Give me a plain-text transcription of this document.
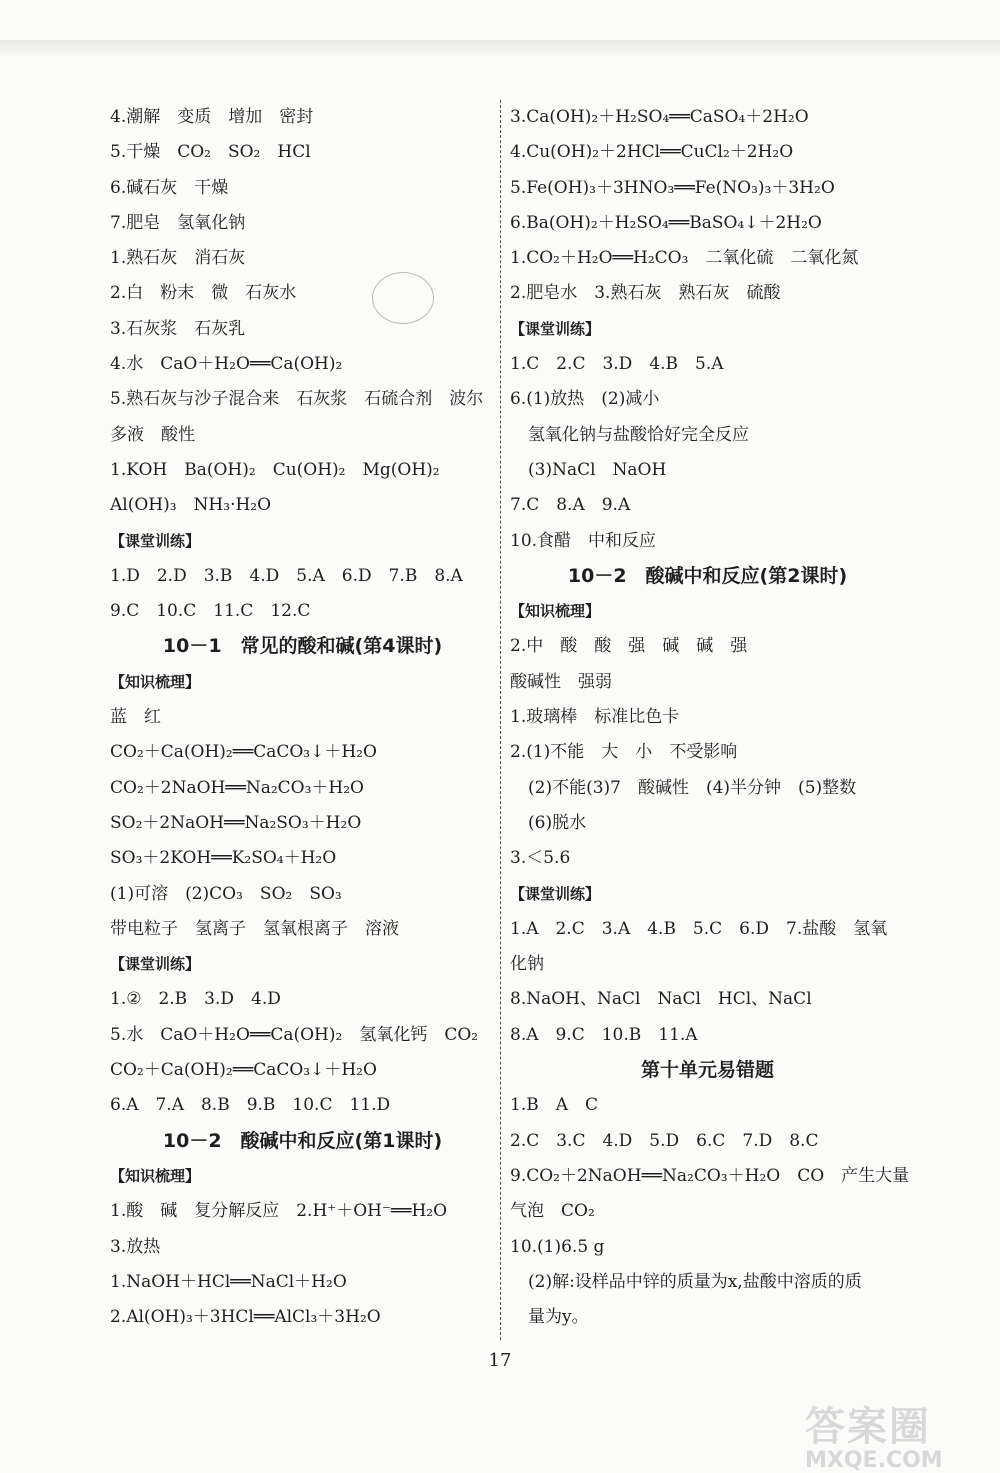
4.潮解　变质　增加　密封
5.干燥　CO₂　SO₂　HCl
6.碱石灰　干燥
7.肥皂　氢氧化钠
1.熟石灰　消石灰
2.白　粉末　微　石灰水
3.石灰浆　石灰乳
4.水　CaO＋H₂O══Ca(OH)₂
5.熟石灰与沙子混合来　石灰浆　石硫合剂　波尔
多液　酸性
1.KOH　Ba(OH)₂　Cu(OH)₂　Mg(OH)₂
Al(OH)₃　NH₃·H₂O
【课堂训练】
1.D　2.D　3.B　4.D　5.A　6.D　7.B　8.A
9.C　10.C　11.C　12.C
10－1　常见的酸和碱(第4课时)
【知识梳理】
蓝　红
CO₂＋Ca(OH)₂══CaCO₃↓＋H₂O
CO₂＋2NaOH══Na₂CO₃＋H₂O
SO₂＋2NaOH══Na₂SO₃＋H₂O
SO₃＋2KOH══K₂SO₄＋H₂O
(1)可溶　(2)CO₃　SO₂　SO₃
带电粒子　氢离子　氢氧根离子　溶液
【课堂训练】
1.②　2.B　3.D　4.D
5.水　CaO＋H₂O══Ca(OH)₂　氢氧化钙　CO₂
CO₂＋Ca(OH)₂══CaCO₃↓＋H₂O
6.A　7.A　8.B　9.B　10.C　11.D
10－2　酸碱中和反应(第1课时)
【知识梳理】
1.酸　碱　复分解反应　2.H⁺＋OH⁻══H₂O
3.放热
1.NaOH＋HCl══NaCl＋H₂O
2.Al(OH)₃＋3HCl══AlCl₃＋3H₂O
3.Ca(OH)₂＋H₂SO₄══CaSO₄＋2H₂O
4.Cu(OH)₂＋2HCl══CuCl₂＋2H₂O
5.Fe(OH)₃＋3HNO₃══Fe(NO₃)₃＋3H₂O
6.Ba(OH)₂＋H₂SO₄══BaSO₄↓＋2H₂O
1.CO₂＋H₂O══H₂CO₃　二氧化硫　二氧化氮
2.肥皂水　3.熟石灰　熟石灰　硫酸
【课堂训练】
1.C　2.C　3.D　4.B　5.A
6.(1)放热　(2)减小
氢氧化钠与盐酸恰好完全反应
(3)NaCl　NaOH
7.C　8.A　9.A
10.食醋　中和反应
10－2　酸碱中和反应(第2课时)
【知识梳理】
2.中　酸　酸　强　碱　碱　强
酸碱性　强弱
1.玻璃棒　标准比色卡
2.(1)不能　大　小　不受影响
(2)不能(3)7　酸碱性　(4)半分钟　(5)整数
(6)脱水
3.＜5.6
【课堂训练】
1.A　2.C　3.A　4.B　5.C　6.D　7.盐酸　氢氧
化钠
8.NaOH、NaCl　NaCl　HCl、NaCl
8.A　9.C　10.B　11.A
第十单元易错题
1.B　A　C
2.C　3.C　4.D　5.D　6.C　7.D　8.C
9.CO₂＋2NaOH══Na₂CO₃＋H₂O　CO　产生大量
气泡　CO₂
10.(1)6.5 g
(2)解:设样品中锌的质量为x,盐酸中溶质的质
量为y。
17
答案圈
MXQE.COM
